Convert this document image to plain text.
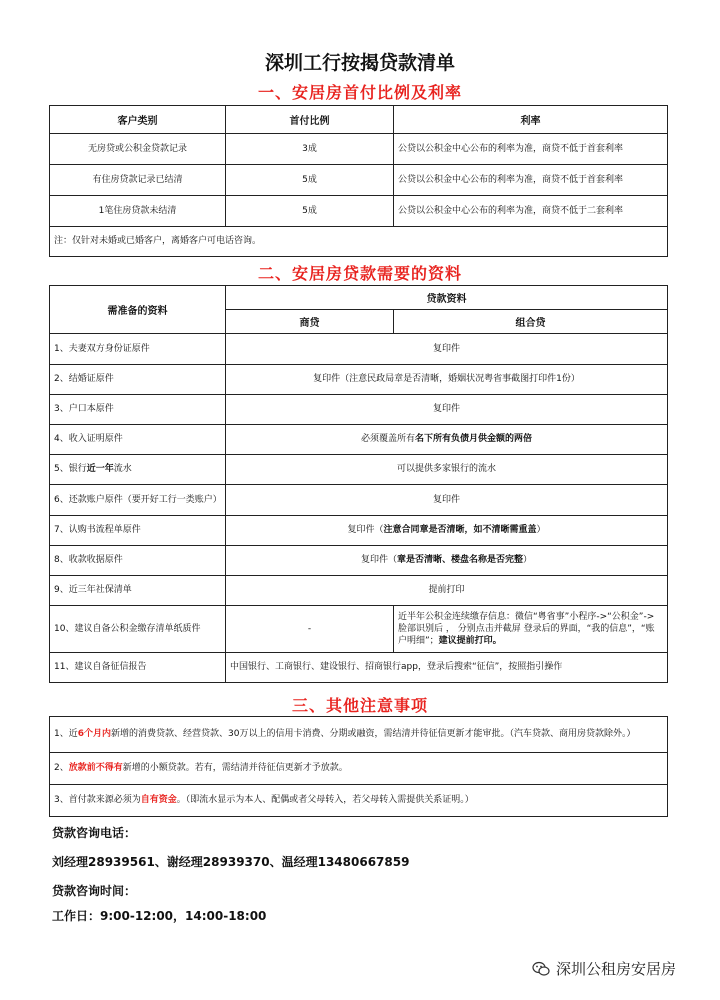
深圳工行按揭贷款清单
一、安居房首付比例及利率
客户类别	首付比例	利率
无房贷或公积金贷款记录	3成	公贷以公积金中心公布的利率为准，商贷不低于首套利率
有住房贷款记录已结清	5成	公贷以公积金中心公布的利率为准，商贷不低于首套利率
1笔住房贷款未结清	5成	公贷以公积金中心公布的利率为准，商贷不低于二套利率
注：仅针对未婚或已婚客户，离婚客户可电话咨询。		
二、安居房贷款需要的资料
需准备的资料	贷款资料	
	商贷	组合贷
1、夫妻双方身份证原件	复印件	
2、结婚证原件	复印件（注意民政局章是否清晰，婚姻状况粤省事截图打印件1份）	
3、户口本原件	复印件	
4、收入证明原件	必须覆盖所有名下所有负债月供金额的两倍	
5、银行近一年流水	可以提供多家银行的流水	
6、还款账户原件（要开好工行一类账户）	复印件	
7、认购书流程单原件	复印件（注意合同章是否清晰，如不清晰需重盖）	
8、收款收据原件	复印件（章是否清晰、楼盘名称是否完整）	
9、近三年社保清单	提前打印	
10、建议自备公积金缴存清单纸质件	-	近半年公积金连续缴存信息：微信“粤省事”小程序->“公积金”-> 脸部识别后 ， 分别点击并截屏 登录后的界面，“我的信息”，“账户明细”；建议提前打印。
11、建议自备征信报告	中国银行、工商银行、建设银行、招商银行app，登录后搜索“征信”，按照指引操作	
三、其他注意事项
1、近6个月内新增的消费贷款、经营贷款、30万以上的信用卡消费、分期或融资，需结清并待征信更新才能审批。（汽车贷款、商用房贷款除外。）
2、放款前不得有新增的小额贷款。若有，需结清并待征信更新才予放款。
3、首付款来源必须为自有资金。（即流水显示为本人、配偶或者父母转入，若父母转入需提供关系证明。）
贷款咨询电话：
刘经理28939561、谢经理28939370、温经理13480667859
贷款咨询时间：
工作日：9:00-12:00，14:00-18:00
深圳公租房安居房
